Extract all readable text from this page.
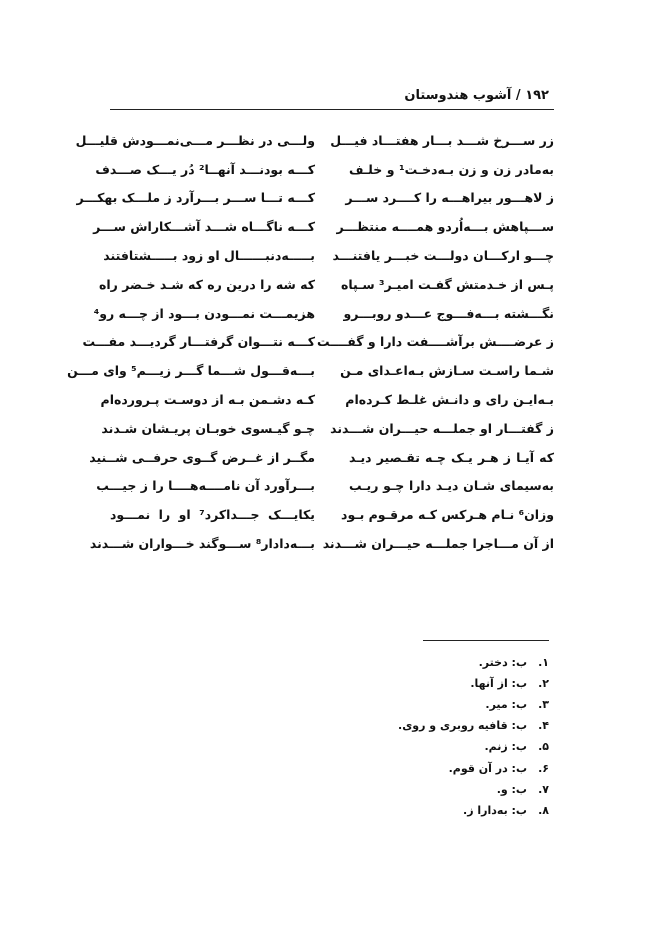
۱۹۲ / آشوب هندوستان
زر ســـرخ شـــد بـــار هفتـــاد فيـــل
ولـــی در نظـــر مـــی‌نمـــودش قليـــل
به‌مادر زن و زن بـه‌دخـت¹ و خلـف
کـــه بودنـــد آنهــا² دُر يـــک صـــدف
ز لاهـــور بيراهـــه را کــــرد ســـر
کـــه تـــا ســـر بـــرآرد ز ملـــک بهکـــر
ســـپاهش بـــه‌اُردو همــــه منتظـــر
کـــه ناگـــاه شـــد آشـــکاراش ســـر
چـــو ارکـــان دولـــت خبـــر يافتنـــد
بـــــه‌دنبــــــال او زود بـــــشتافتند
پـس از خـدمتش گفـت امیـر³ سـپاه
که شه را درين ره که شـد خـضر راه
نگـــشته بـــه‌فـــوج عـــدو روبـــرو
هزيمـــت نمـــودن بـــود از چـــه رو⁴
ز عرضــــش برآشــــفت دارا و گفــــت
کـــه نتـــوان گرفتـــار گرديـــد مفـــت
شـما راسـت سـازش بـه‌اعـدای مـن
بـــه‌قـــول شـــما گـــر زيـــم⁵ وای مـــن
بـه‌ايـن رای و دانـش غلـط کـرده‌ام
کـه دشـمن بـه از دوسـت پـرورده‌ام
ز گفتـــار او جملـــه حيـــران شـــدند
چـو گيـسوی خوبـان پريـشان شـدند
که آيـا ز هـر يـک چـه تقـصير ديـد
مگــر از غــرض گــوی حرفــی شــنيد
به‌سيمای شـان ديـد دارا چـو ريـب
بـــرآورد آن نامــــه‌هــــا را ز جيـــب
وزان⁶ نـام هـرکس کـه مرقـوم بـود
يکايـــک جـــداکرد⁷ او را نمـــود
از آن مـــاجرا جملـــه حيـــران شـــدند
بـــه‌دادار⁸ ســـوگند خـــواران شـــدند
۱.
ب: دختر.
۲.
ب: از آنها.
۳.
ب: مير.
۴.
ب: قافيه روبری و روی.
۵.
ب: زنم.
۶.
ب: در آن قوم.
۷.
ب: و.
۸.
ب: به‌دارا ز.
